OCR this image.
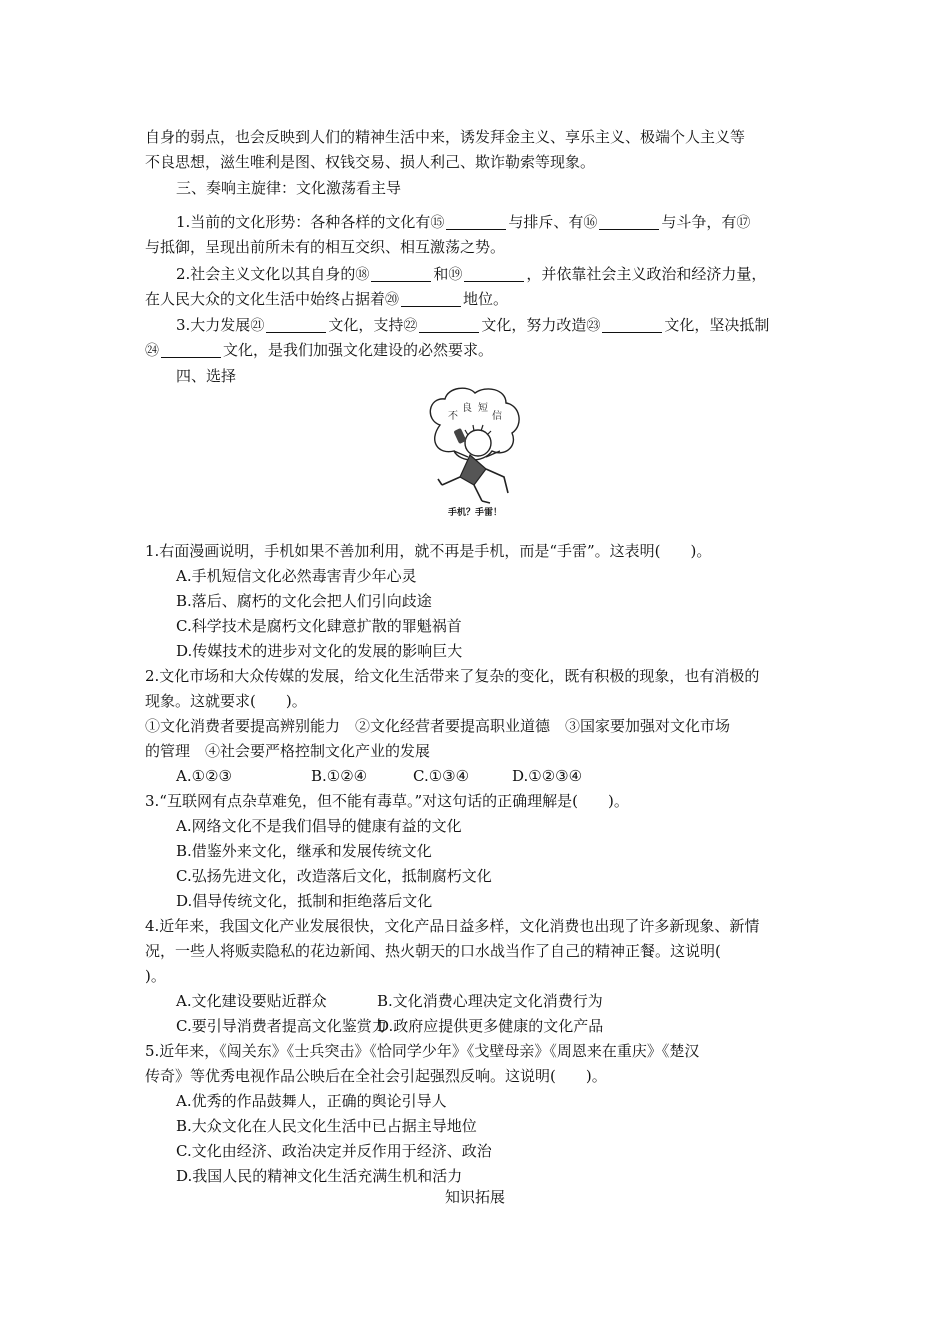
自身的弱点，也会反映到人们的精神生活中来，诱发拜金主义、享乐主义、极端个人主义等
不良思想，滋生唯利是图、权钱交易、损人利己、欺诈勒索等现象。
三、奏响主旋律：文化激荡看主导
1.当前的文化形势：各种各样的文化有⑮	与排斥、有⑯	与斗争，有⑰
与抵御，呈现出前所未有的相互交织、相互激荡之势。
2.社会主义文化以其自身的⑱	和⑲	，并依靠社会主义政治和经济力量，
在人民大众的文化生活中始终占据着⑳	地位。
3.大力发展㉑	文化，支持㉒	文化，努力改造㉓	文化，坚决抵制
㉔	文化，是我们加强文化建设的必然要求。
四、选择
不
良 短
信
手机？手雷！
1.右面漫画说明，手机如果不善加利用，就不再是手机，而是“手雷”。这表明(　　)。
A.手机短信文化必然毒害青少年心灵
B.落后、腐朽的文化会把人们引向歧途
C.科学技术是腐朽文化肆意扩散的罪魁祸首
D.传媒技术的进步对文化的发展的影响巨大
2.文化市场和大众传媒的发展，给文化生活带来了复杂的变化，既有积极的现象，也有消极的
现象。这就要求(　　)。
①文化消费者要提高辨别能力　②文化经营者要提高职业道德　③国家要加强对文化市场
的管理　④社会要严格控制文化产业的发展
A.①②③	B.①②④	C.①③④	D.①②③④
3.“互联网有点杂草难免，但不能有毒草。”对这句话的正确理解是(　　)。
A.网络文化不是我们倡导的健康有益的文化
B.借鉴外来文化，继承和发展传统文化
C.弘扬先进文化，改造落后文化，抵制腐朽文化
D.倡导传统文化，抵制和拒绝落后文化
4.近年来，我国文化产业发展很快，文化产品日益多样，文化消费也出现了许多新现象、新情
况，一些人将贩卖隐私的花边新闻、热火朝天的口水战当作了自己的精神正餐。这说明(
)。
A.文化建设要贴近群众	B.文化消费心理决定文化消费行为
C.要引导消费者提高文化鉴赏力
D.政府应提供更多健康的文化产品
5.近年来，《闯关东》《士兵突击》《恰同学少年》《戈壁母亲》《周恩来在重庆》《楚汉
传奇》等优秀电视作品公映后在全社会引起强烈反响。这说明(　　)。
A.优秀的作品鼓舞人，正确的舆论引导人
B.大众文化在人民文化生活中已占据主导地位
C.文化由经济、政治决定并反作用于经济、政治
D.我国人民的精神文化生活充满生机和活力
知识拓展
